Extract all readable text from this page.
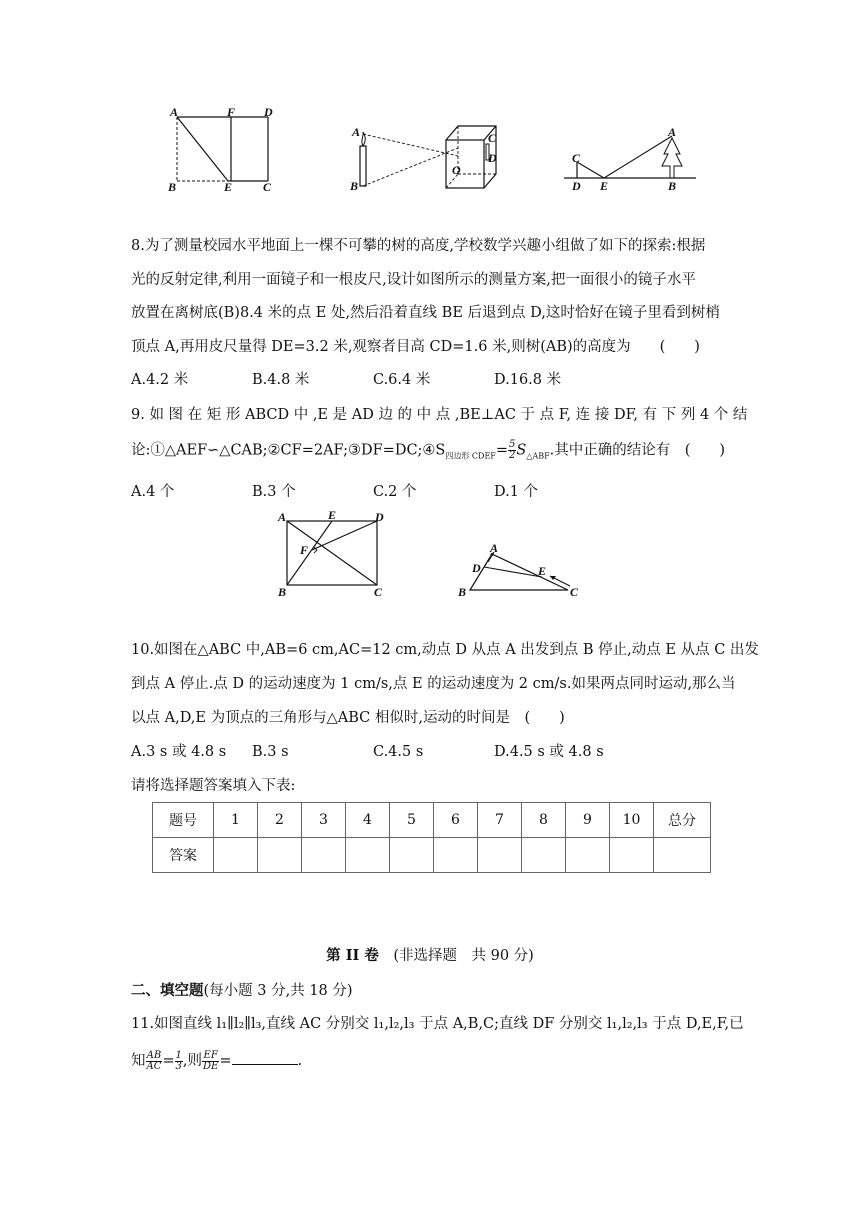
A	F D
B	E	C
A
B
C
D
O
A
C
D E	B
8.为了测量校园水平地面上一棵不可攀的树的高度,学校数学兴趣小组做了如下的探索:根据
光的反射定律,利用一面镜子和一根皮尺,设计如图所示的测量方案,把一面很小的镜子水平
放置在离树底(B)8.4 米的点 E 处,然后沿着直线 BE 后退到点 D,这时恰好在镜子里看到树梢
顶点 A,再用皮尺量得 DE=3.2 米,观察者目高 CD=1.6 米,则树(AB)的高度为　　(　　)
A.4.2 米	B.4.8 米	C.6.4 米	D.16.8 米
9. 如 图 在 矩 形 ABCD 中 ,E 是 AD 边 的 中 点 ,BE⊥AC 于 点 F, 连 接 DF, 有 下 列 4 个 结
论$:①\triangle AEF∽\triangle CAB;②CF=2AF;③DF=DC;④S_{四边形 CDEF}= \frac{5}{2} S_{\triangle ABF}$.其中正确的结论有　(　　)
A.4 个	B.3 个	C.2 个	D.1 个
A	E	D
F
B	C
A
D	E
B	C
10.如图在△ABC 中,AB=6 cm,AC=12 cm,动点 D 从点 A 出发到点 B 停止,动点 E 从点 C 出发
到点 A 停止.点 D 的运动速度为 1 cm/s,点 E 的运动速度为 2 cm/s.如果两点同时运动,那么当
以点 A,D,E 为顶点的三角形与△ABC 相似时,运动的时间是　(　　)
A.3 s 或 4.8 s B.3 s	C.4.5 s	D.4.5 s 或 4.8 s
请将选择题答案填入下表:
题号	1	2	3	4	5	6	7	8	9	10	总分
答案											
第 II 卷　(非选择题　共 90 分)
二、填空题(每小题 3 分,共 18 分)
11.如图直线 l₁∥l₂∥l₃,直线 AC 分别交 l₁,l₂,l₃ 于点 A,B,C;直线 DF 分别交 l₁,l₂,l₃ 于点 D,E,F,已
知 $\frac{AB}{AC} = \frac{1}{3}$ ,则 $\frac{EF}{DE}$ =	.
